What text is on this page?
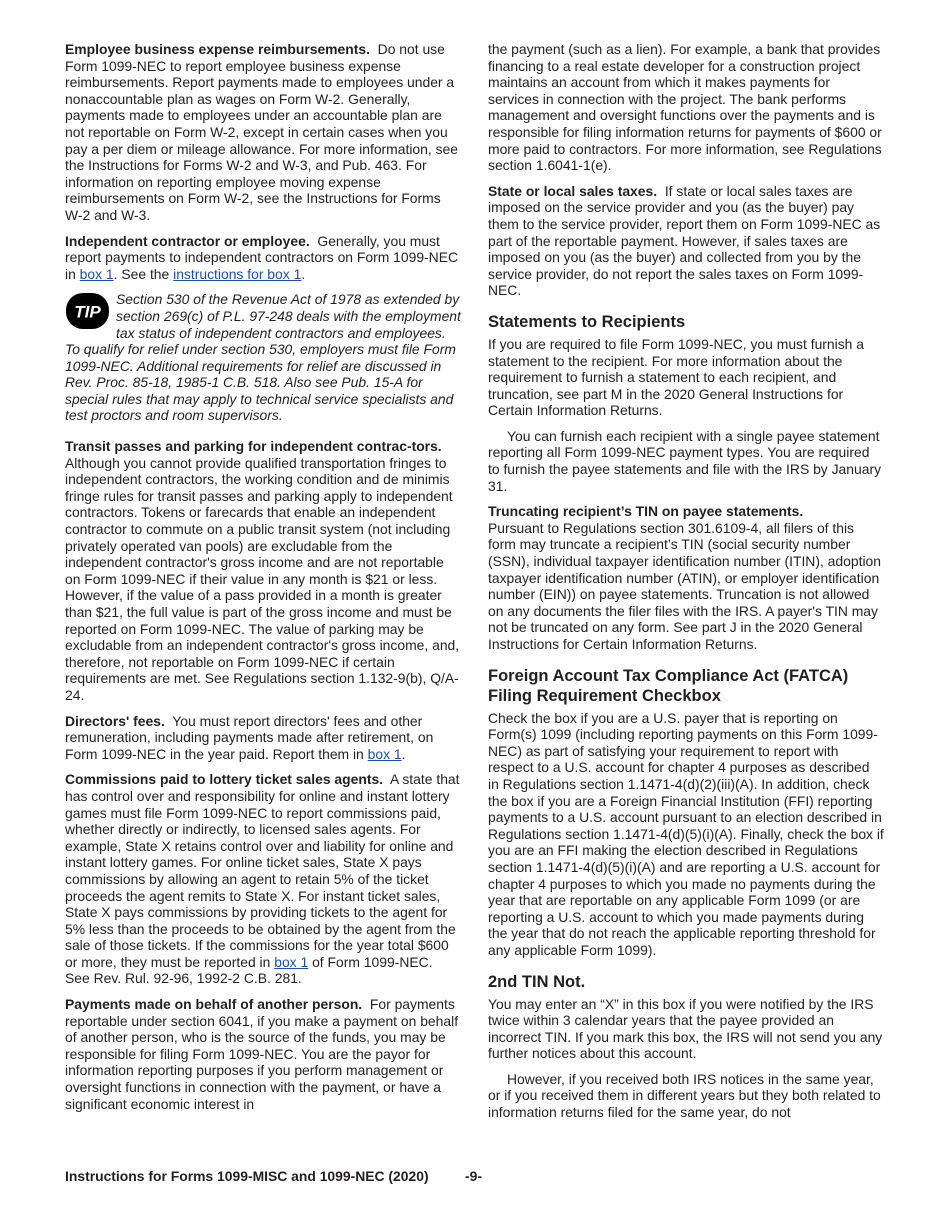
Employee business expense reimbursements. Do not use Form 1099-NEC to report employee business expense reimbursements. Report payments made to employees under a nonaccountable plan as wages on Form W-2. Generally, payments made to employees under an accountable plan are not reportable on Form W-2, except in certain cases when you pay a per diem or mileage allowance. For more information, see the Instructions for Forms W-2 and W-3, and Pub. 463. For information on reporting employee moving expense reimbursements on Form W-2, see the Instructions for Forms W-2 and W-3.

Independent contractor or employee. Generally, you must report payments to independent contractors on Form 1099-NEC in box 1. See the instructions for box 1.

TIP
Section 530 of the Revenue Act of 1978 as extended by section 269(c) of P.L. 97-248 deals with the employment tax status of independent contractors and employees. To qualify for relief under section 530, employers must file Form 1099-NEC. Additional requirements for relief are discussed in Rev. Proc. 85-18, 1985-1 C.B. 518. Also see Pub. 15-A for special rules that may apply to technical service specialists and test proctors and room supervisors.

Transit passes and parking for independent contrac-tors.  Although you cannot provide qualified transportation fringes to independent contractors, the working condition and de minimis fringe rules for transit passes and parking apply to independent contractors. Tokens or farecards that enable an independent contractor to commute on a public transit system (not including privately operated van pools) are excludable from the independent contractor's gross income and are not reportable on Form 1099-NEC if their value in any month is $21 or less. However, if the value of a pass provided in a month is greater than $21, the full value is part of the gross income and must be reported on Form 1099-NEC. The value of parking may be excludable from an independent contractor's gross income, and, therefore, not reportable on Form 1099-NEC if certain requirements are met. See Regulations section 1.132-9(b), Q/A-24.

Directors' fees. You must report directors' fees and other remuneration, including payments made after retirement, on Form 1099-NEC in the year paid. Report them in box 1.

Commissions paid to lottery ticket sales agents. A state that has control over and responsibility for online and instant lottery games must file Form 1099-NEC to report commissions paid, whether directly or indirectly, to licensed sales agents. For example, State X retains control over and liability for online and instant lottery games. For online ticket sales, State X pays commissions by allowing an agent to retain 5% of the ticket proceeds the agent remits to State X. For instant ticket sales, State X pays commissions by providing tickets to the agent for 5% less than the proceeds to be obtained by the agent from the sale of those tickets. If the commissions for the year total $600 or more, they must be reported in box 1 of Form 1099-NEC. See Rev. Rul. 92-96, 1992-2 C.B. 281.

Payments made on behalf of another person. For payments reportable under section 6041, if you make a payment on behalf of another person, who is the source of the funds, you may be responsible for filing Form 1099-NEC. You are the payor for information reporting purposes if you perform management or oversight functions in connection with the payment, or have a significant economic interest in

the payment (such as a lien). For example, a bank that provides financing to a real estate developer for a construction project maintains an account from which it makes payments for services in connection with the project. The bank performs management and oversight functions over the payments and is responsible for filing information returns for payments of $600 or more paid to contractors. For more information, see Regulations section 1.6041-1(e).

State or local sales taxes. If state or local sales taxes are imposed on the service provider and you (as the buyer) pay them to the service provider, report them on Form 1099-NEC as part of the reportable payment. However, if sales taxes are imposed on you (as the buyer) and collected from you by the service provider, do not report the sales taxes on Form 1099-NEC.

Statements to Recipients

If you are required to file Form 1099-NEC, you must furnish a statement to the recipient. For more information about the requirement to furnish a statement to each recipient, and truncation, see part M in the 2020 General Instructions for Certain Information Returns.

You can furnish each recipient with a single payee statement reporting all Form 1099-NEC payment types. You are required to furnish the payee statements and file with the IRS by January 31.

Truncating recipient’s TIN on payee statements.
Pursuant to Regulations section 301.6109-4, all filers of this form may truncate a recipient’s TIN (social security number (SSN), individual taxpayer identification number (ITIN), adoption taxpayer identification number (ATIN), or employer identification number (EIN)) on payee statements. Truncation is not allowed on any documents the filer files with the IRS. A payer's TIN may not be truncated on any form. See part J in the 2020 General Instructions for Certain Information Returns.

Foreign Account Tax Compliance Act (FATCA) Filing Requirement Checkbox

Check the box if you are a U.S. payer that is reporting on Form(s) 1099 (including reporting payments on this Form 1099-NEC) as part of satisfying your requirement to report with respect to a U.S. account for chapter 4 purposes as described in Regulations section 1.1471-4(d)(2)(iii)(A). In addition, check the box if you are a Foreign Financial Institution (FFI) reporting payments to a U.S. account pursuant to an election described in Regulations section 1.1471-4(d)(5)(i)(A). Finally, check the box if you are an FFI making the election described in Regulations section 1.1471-4(d)(5)(i)(A) and are reporting a U.S. account for chapter 4 purposes to which you made no payments during the year that are reportable on any applicable Form 1099 (or are reporting a U.S. account to which you made payments during the year that do not reach the applicable reporting threshold for any applicable Form 1099).

2nd TIN Not.

You may enter an “X” in this box if you were notified by the IRS twice within 3 calendar years that the payee provided an incorrect TIN. If you mark this box, the IRS will not send you any further notices about this account.

However, if you received both IRS notices in the same year, or if you received them in different years but they both related to information returns filed for the same year, do not

Instructions for Forms 1099-MISC and 1099-NEC (2020)	-9-
